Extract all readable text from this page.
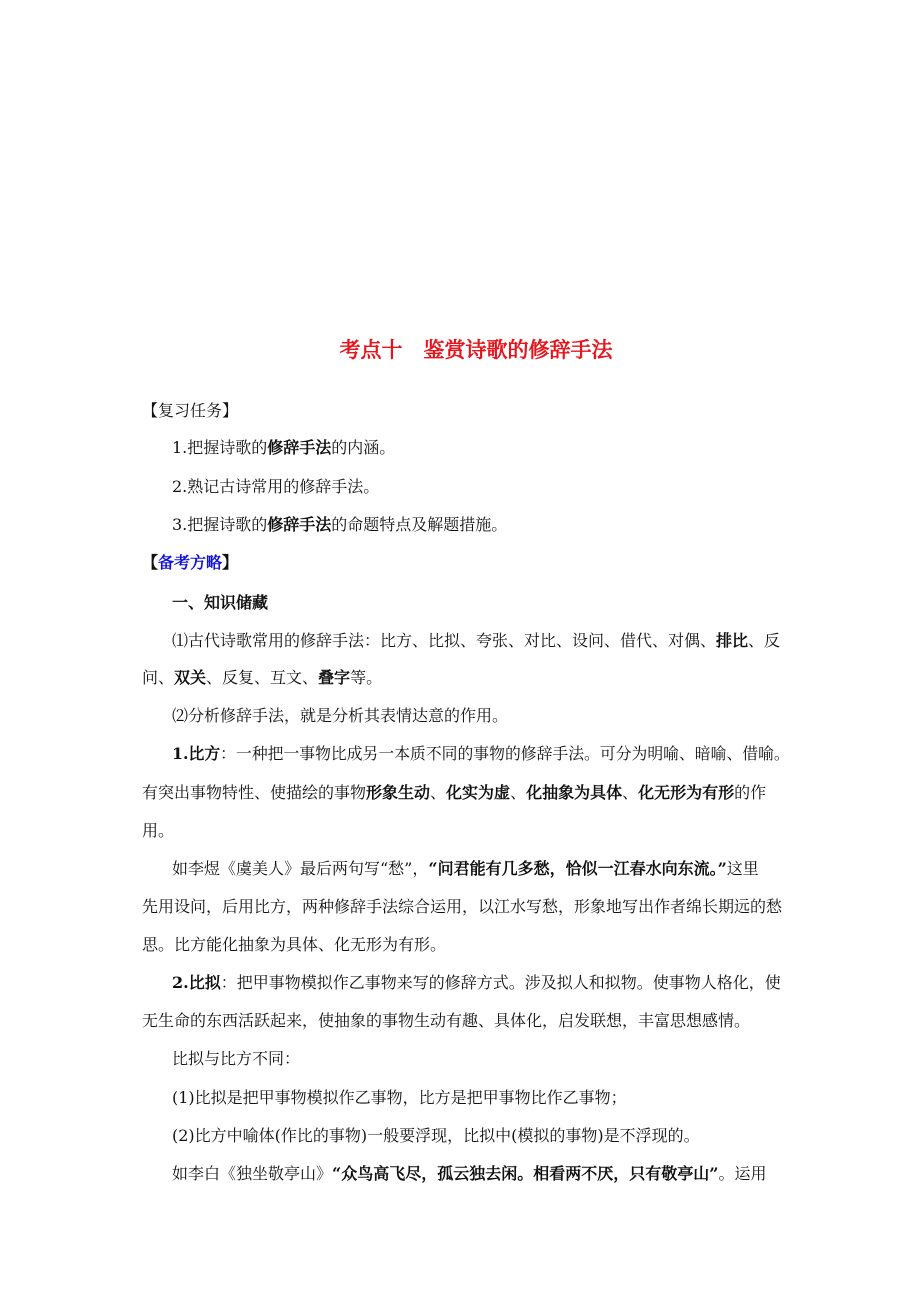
考点十　鉴赏诗歌的修辞手法
【复习任务】
1.把握诗歌的修辞手法的内涵。
2.熟记古诗常用的修辞手法。
3.把握诗歌的修辞手法的命题特点及解题措施。
【备考方略】
一、知识储藏
⑴古代诗歌常用的修辞手法：比方、比拟、夸张、对比、设问、借代、对偶、排比、反
问、双关、反复、互文、叠字等。
⑵分析修辞手法，就是分析其表情达意的作用。
1.比方：一种把一事物比成另一本质不同的事物的修辞手法。可分为明喻、暗喻、借喻。
有突出事物特性、使描绘的事物形象生动、化实为虚、化抽象为具体、化无形为有形的作
用。
如李煜《虞美人》最后两句写“愁”，“问君能有几多愁，恰似一江春水向东流。”这里
先用设问，后用比方，两种修辞手法综合运用，以江水写愁，形象地写出作者绵长期远的愁
思。比方能化抽象为具体、化无形为有形。
2.比拟：把甲事物模拟作乙事物来写的修辞方式。涉及拟人和拟物。使事物人格化，使
无生命的东西活跃起来，使抽象的事物生动有趣、具体化，启发联想，丰富思想感情。
比拟与比方不同：
(1)比拟是把甲事物模拟作乙事物，比方是把甲事物比作乙事物；
(2)比方中喻体(作比的事物)一般要浮现，比拟中(模拟的事物)是不浮现的。
如李白《独坐敬亭山》“众鸟高飞尽，孤云独去闲。相看两不厌，只有敬亭山”。运用
